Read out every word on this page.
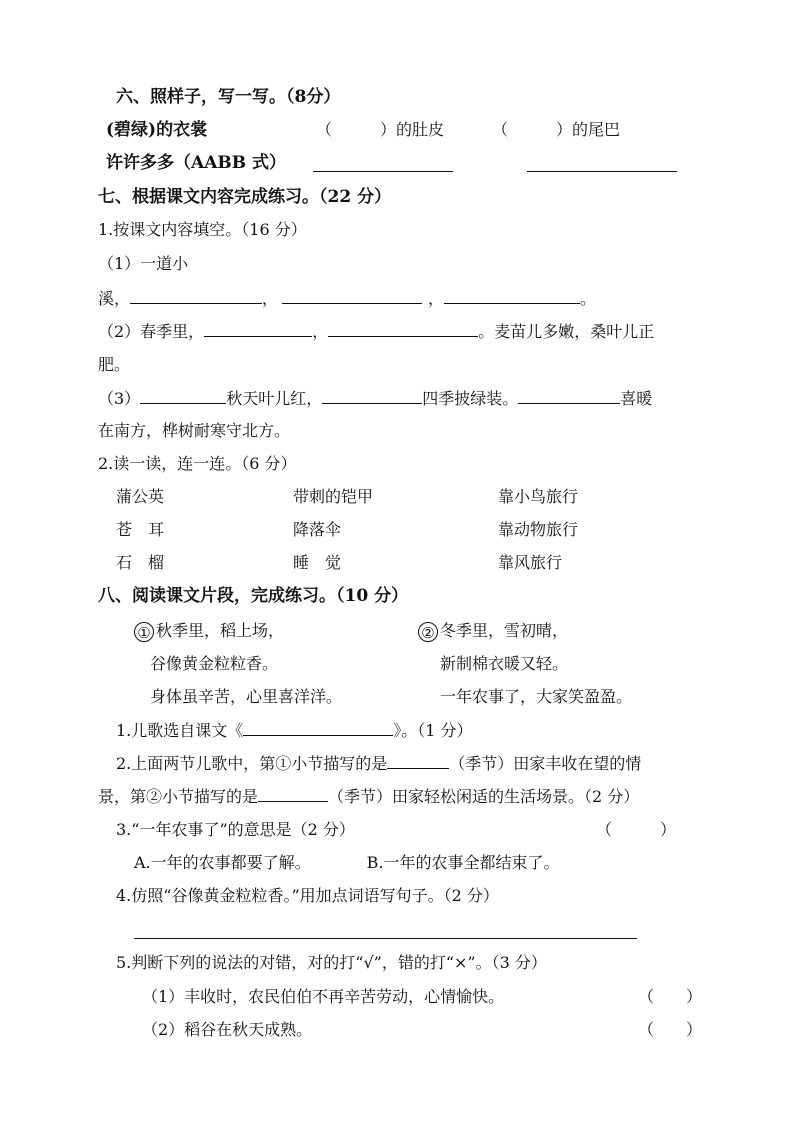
六、照样子，写一写。（8分）
(碧绿)的衣裳	（　　　）的肚皮	（　　　）的尾巴
许许多多（AABB 式）
七、根据课文内容完成练习。（22 分）
1.按课文内容填空。（16 分）
（1）一道小
溪，	，	，	。
（2）春季里，	，	。麦苗儿多嫩，桑叶儿正
肥。
（3）	秋天叶儿红，	四季披绿装。	喜暖
在南方，桦树耐寒守北方。
2.读一读，连一连。（6 分）
蒲公英	带刺的铠甲	靠小鸟旅行
苍　耳	降落伞	靠动物旅行
石　榴	睡　觉	靠风旅行
八、阅读课文片段，完成练习。（10 分）
① 秋季里，稻上场，	② 冬季里，雪初晴，
谷像黄金粒粒香。	新制棉衣暖又轻。
身体虽辛苦，心里喜洋洋。	一年农事了，大家笑盈盈。
1.儿歌选自课文《	》。（1 分）
2.上面两节儿歌中，第①小节描写的是	（季节）田家丰收在望的情
景，第②小节描写的是	（季节）田家轻松闲适的生活场景。（2 分）
3.“一年农事了”的意思是（2 分）	（　　　）
A.一年的农事都要了解。　　　　B.一年的农事全都结束了。
4.仿照“谷像黄金粒粒香。”用加点词语写句子。（2 分）
5.判断下列的说法的对错，对的打“√”，错的打“×”。（3 分）
（1）丰收时，农民伯伯不再辛苦劳动，心情愉快。	（　　）
（2）稻谷在秋天成熟。	（　　）
